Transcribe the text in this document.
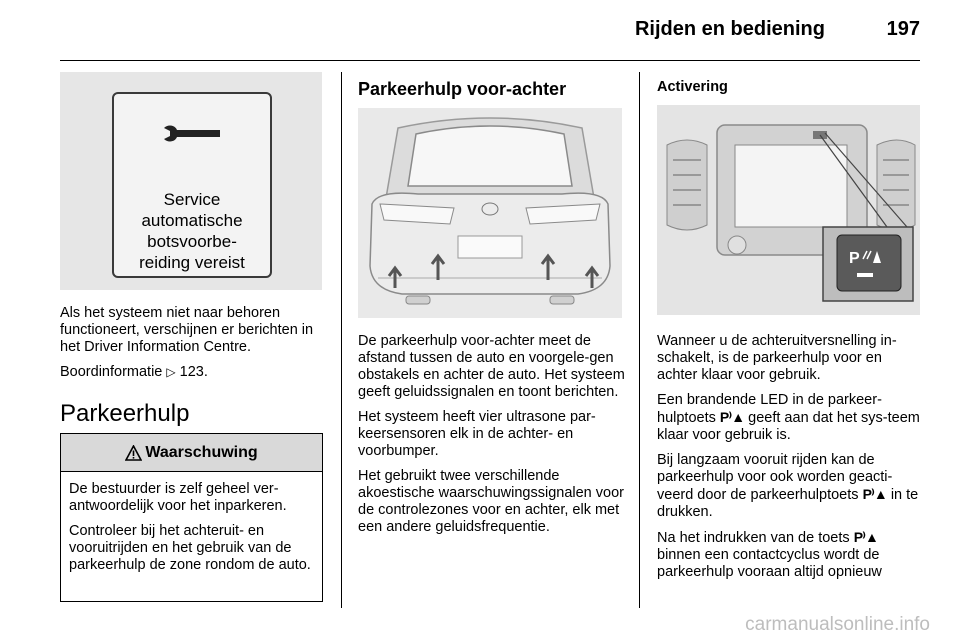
Rijden en bediening	197
Service
automatische
botsvoorbe-
reiding vereist

Als het systeem niet naar behoren functioneert, verschijnen er berichten in het Driver Information Centre.

Boordinformatie ▷ 123.

Parkeerhulp
Waarschuwing

De bestuurder is zelf geheel ver-antwoordelijk voor het inparkeren.

Controleer bij het achteruit- en vooruitrijden en het gebruik van de parkeerhulp de zone rondom de auto.

Parkeerhulp voor-achter

De parkeerhulp voor-achter meet de afstand tussen de auto en voorgele-gen obstakels en achter de auto. Het systeem geeft geluidssignalen en toont berichten.

Het systeem heeft vier ultrasone par-keersensoren elk in de achter- en voorbumper.

Het gebruikt twee verschillende akoestische waarschuwingssignalen voor de controlezones voor en achter, elk met een andere geluidsfrequentie.

Activering
P

Wanneer u de achteruitversnelling in-schakelt, is de parkeerhulp voor en achter klaar voor gebruik.

Een brandende LED in de parkeer-hulptoets P⁾▲ geeft aan dat het sys-teem klaar voor gebruik is.

Bij langzaam vooruit rijden kan de parkeerhulp voor ook worden geacti-veerd door de parkeerhulptoets P⁾▲ in te drukken.

Na het indrukken van de toets P⁾▲ binnen een contactcyclus wordt de parkeerhulp vooraan altijd opnieuw

carmanualsonline.info
